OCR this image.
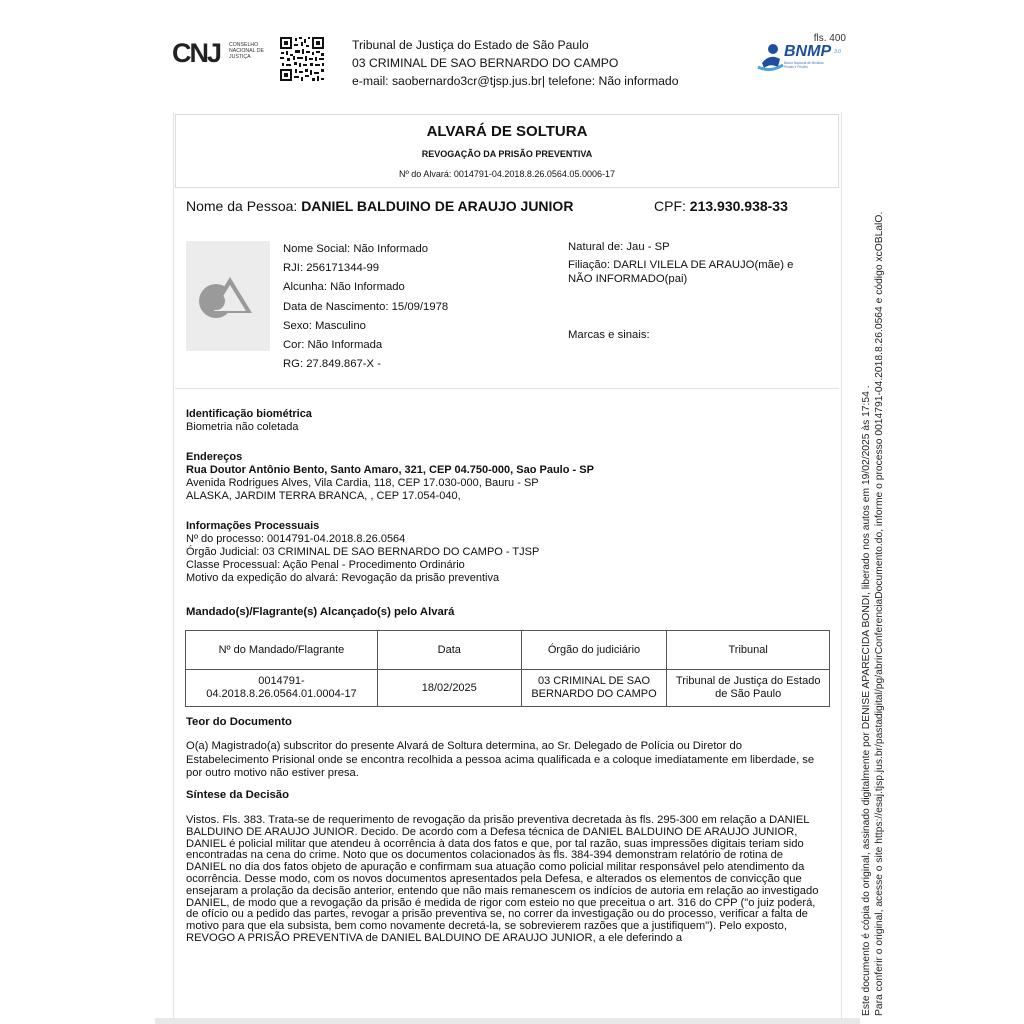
CNJ CONSELHO NACIONAL DE JUSTIÇA
Tribunal de Justiça do Estado de São Paulo
03 CRIMINAL DE SAO BERNARDO DO CAMPO
e-mail: saobernardo3cr@tjsp.jus.br| telefone: Não informado
fls. 400
BNMP 3.0
Banco Nacional de Medidas Penais e Prisões
ALVARÁ DE SOLTURA
REVOGAÇÃO DA PRISÃO PREVENTIVA
Nº do Alvará: 0014791-04.2018.8.26.0564.05.0006-17
Nome da Pessoa: DANIEL BALDUINO DE ARAUJO JUNIOR	CPF: 213.930.938-33
Nome Social: Não Informado
RJI: 256171344-99
Alcunha: Não Informado
Data de Nascimento: 15/09/1978
Sexo: Masculino
Cor: Não Informada
RG: 27.849.867-X -
Natural de: Jau - SP
Filiação: DARLI VILELA DE ARAUJO(mãe) e NÃO INFORMADO(pai)
Marcas e sinais:
Identificação biométrica
Biometria não coletada
Endereços
Rua Doutor Antônio Bento, Santo Amaro, 321, CEP 04.750-000, Sao Paulo - SP
Avenida Rodrigues Alves, Vila Cardia, 118, CEP 17.030-000, Bauru - SP
ALASKA, JARDIM TERRA BRANCA, , CEP 17.054-040,
Informações Processuais
Nº do processo: 0014791-04.2018.8.26.0564
Órgão Judicial: 03 CRIMINAL DE SAO BERNARDO DO CAMPO - TJSP
Classe Processual: Ação Penal - Procedimento Ordinário
Motivo da expedição do alvará: Revogação da prisão preventiva
Mandado(s)/Flagrante(s) Alcançado(s) pelo Alvará
Nº do Mandado/Flagrante	Data	Órgão do judiciário	Tribunal
0014791-04.2018.8.26.0564.01.0004-17	18/02/2025	03 CRIMINAL DE SAO BERNARDO DO CAMPO	Tribunal de Justiça do Estado de São Paulo
Teor do Documento
O(a) Magistrado(a) subscritor do presente Alvará de Soltura determina, ao Sr. Delegado de Polícia ou Diretor do Estabelecimento Prisional onde se encontra recolhida a pessoa acima qualificada e a coloque imediatamente em liberdade, se por outro motivo não estiver presa.
Síntese da Decisão
Vistos. Fls. 383. Trata-se de requerimento de revogação da prisão preventiva decretada às fls. 295-300 em relação a DANIEL BALDUINO DE ARAUJO JUNIOR. Decido. De acordo com a Defesa técnica de DANIEL BALDUINO DE ARAUJO JUNIOR, DANIEL é policial militar que atendeu à ocorrência à data dos fatos e que, por tal razão, suas impressões digitais teriam sido encontradas na cena do crime. Noto que os documentos colacionados às fls. 384-394 demonstram relatório de rotina de DANIEL no dia dos fatos objeto de apuração e confirmam sua atuação como policial militar responsável pelo atendimento da ocorrência. Desse modo, com os novos documentos apresentados pela Defesa, e alterados os elementos de convicção que ensejaram a prolação da decisão anterior, entendo que não mais remanescem os indícios de autoria em relação ao investigado DANIEL, de modo que a revogação da prisão é medida de rigor com esteio no que preceitua o art. 316 do CPP ("o juiz poderá, de ofício ou a pedido das partes, revogar a prisão preventiva se, no correr da investigação ou do processo, verificar a falta de motivo para que ela subsista, bem como novamente decretá-la, se sobrevierem razões que a justifiquem"). Pelo exposto, REVOGO A PRISÃO PREVENTIVA de DANIEL BALDUINO DE ARAUJO JUNIOR, a ele deferindo a	Este documento é cópia do original, assinado digitalmente por DENISE APARECIDA BONDI, liberado nos autos em 19/02/2025 às 17:54 . Para conferir o original, acesse o site https://esaj.tjsp.jus.br/pastadigital/pg/abrirConferenciaDocumento.do, informe o processo 0014791-04.2018.8.26.0564 e código xcOBLalO.
